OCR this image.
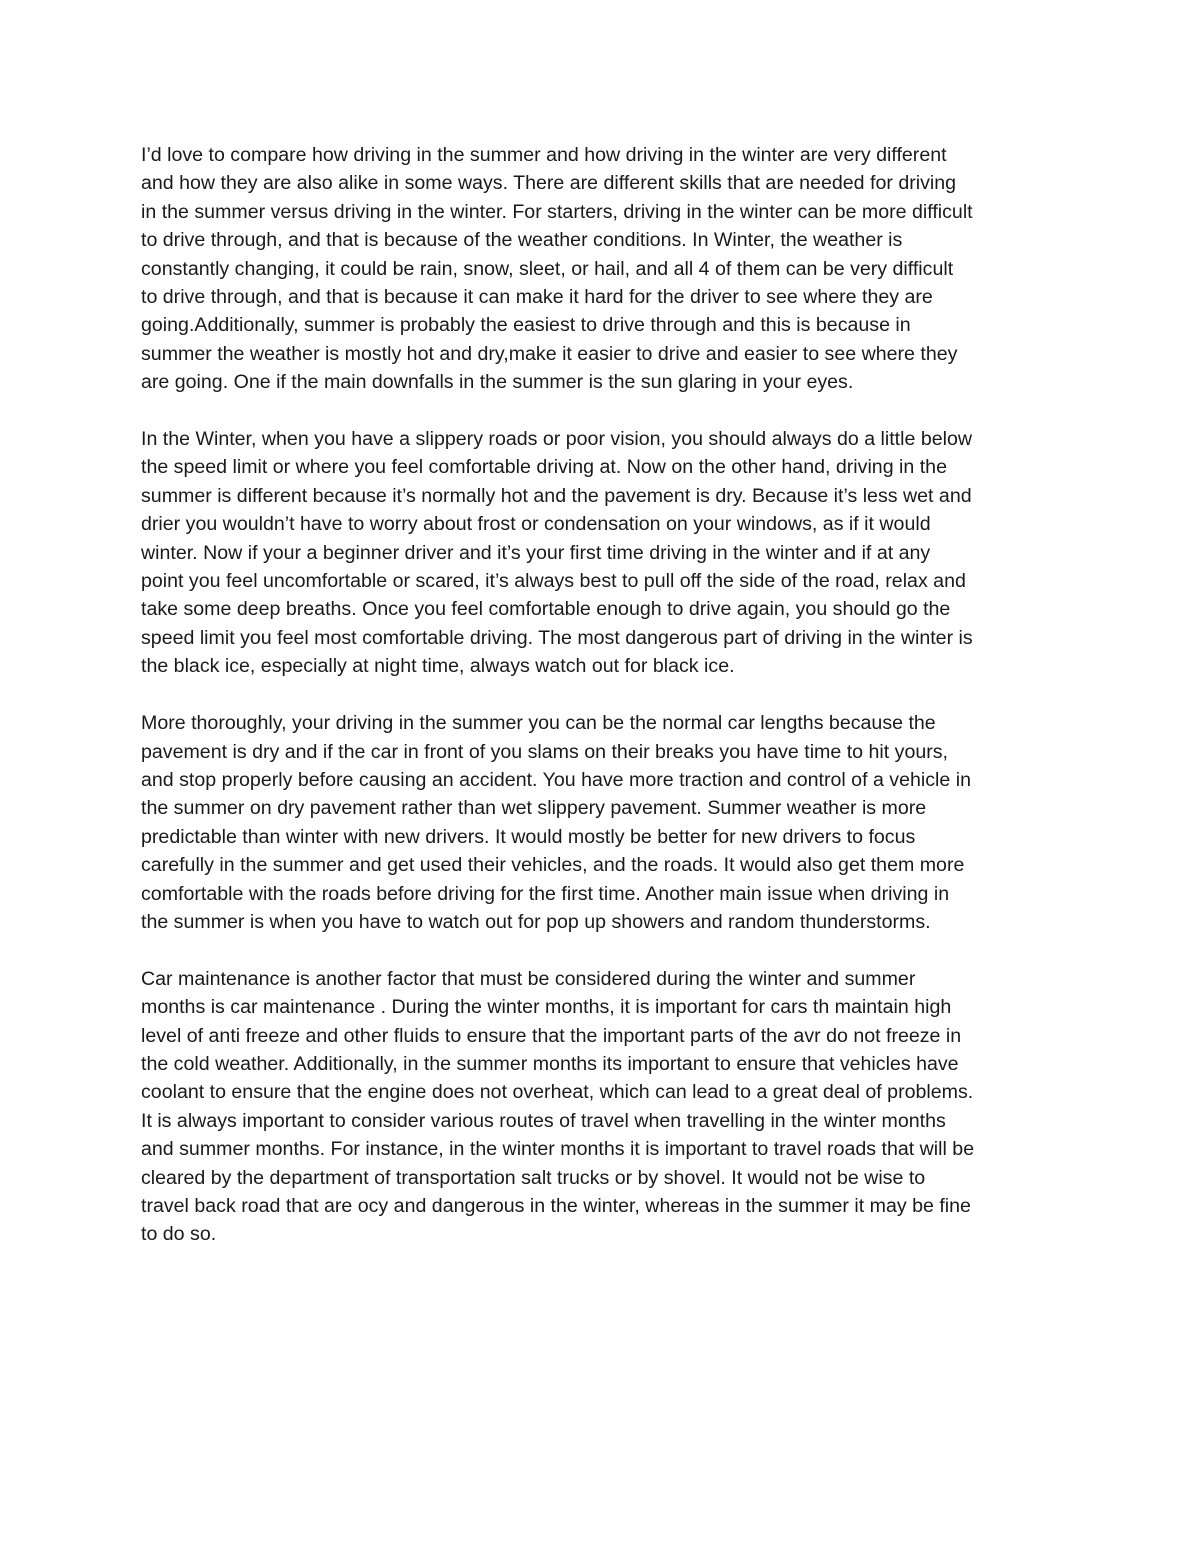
I’d love to compare how driving in the summer and how driving in the winter are very different
and how they are also alike in some ways. There are different skills that are needed for driving
in the summer versus driving in the winter. For starters, driving in the winter can be more difficult
to drive through, and that is because of the weather conditions. In Winter, the weather is
constantly changing, it could be rain, snow, sleet, or hail, and all 4 of them can be very difficult
to drive through, and that is because it can make it hard for the driver to see where they are
going.Additionally, summer is probably the easiest to drive through and this is because in
summer the weather is mostly hot and dry,make it easier to drive and easier to see where they
are going. One if the main downfalls in the summer is the sun glaring in your eyes.

In the Winter, when you have a slippery roads or poor vision, you should always do a little below
the speed limit or where you feel comfortable driving at. Now on the other hand, driving in the
summer is different because it’s normally hot and the pavement is dry. Because it’s less wet and
drier you wouldn’t have to worry about frost or condensation on your windows, as if it would
winter. Now if your a beginner driver and it’s your first time driving in the winter and if at any
point you feel uncomfortable or scared, it’s always best to pull off the side of the road, relax and
take some deep breaths. Once you feel comfortable enough to drive again, you should go the
speed limit you feel most comfortable driving. The most dangerous part of driving in the winter is
the black ice, especially at night time, always watch out for black ice.

More thoroughly, your driving in the summer you can be the normal car lengths because the
pavement is dry and if the car in front of you slams on their breaks you have time to hit yours,
and stop properly before causing an accident. You have more traction and control of a vehicle in
the summer on dry pavement rather than wet slippery pavement. Summer weather is more
predictable than winter with new drivers. It would mostly be better for new drivers to focus
carefully in the summer and get used their vehicles, and the roads. It would also get them more
comfortable with the roads before driving for the first time. Another main issue when driving in
the summer is when you have to watch out for pop up showers and random thunderstorms.

Car maintenance is another factor that must be considered during the winter and summer
months is car maintenance . During the winter months, it is important for cars th maintain high
level of anti freeze and other fluids to ensure that the important parts of the avr do not freeze in
the cold weather. Additionally, in the summer months its important to ensure that vehicles have
coolant to ensure that the engine does not overheat, which can lead to a great deal of problems.
It is always important to consider various routes of travel when travelling in the winter months
and summer months. For instance, in the winter months it is important to travel roads that will be
cleared by the department of transportation salt trucks or by shovel. It would not be wise to
travel back road that are ocy and dangerous in the winter, whereas in the summer it may be fine
to do so.
